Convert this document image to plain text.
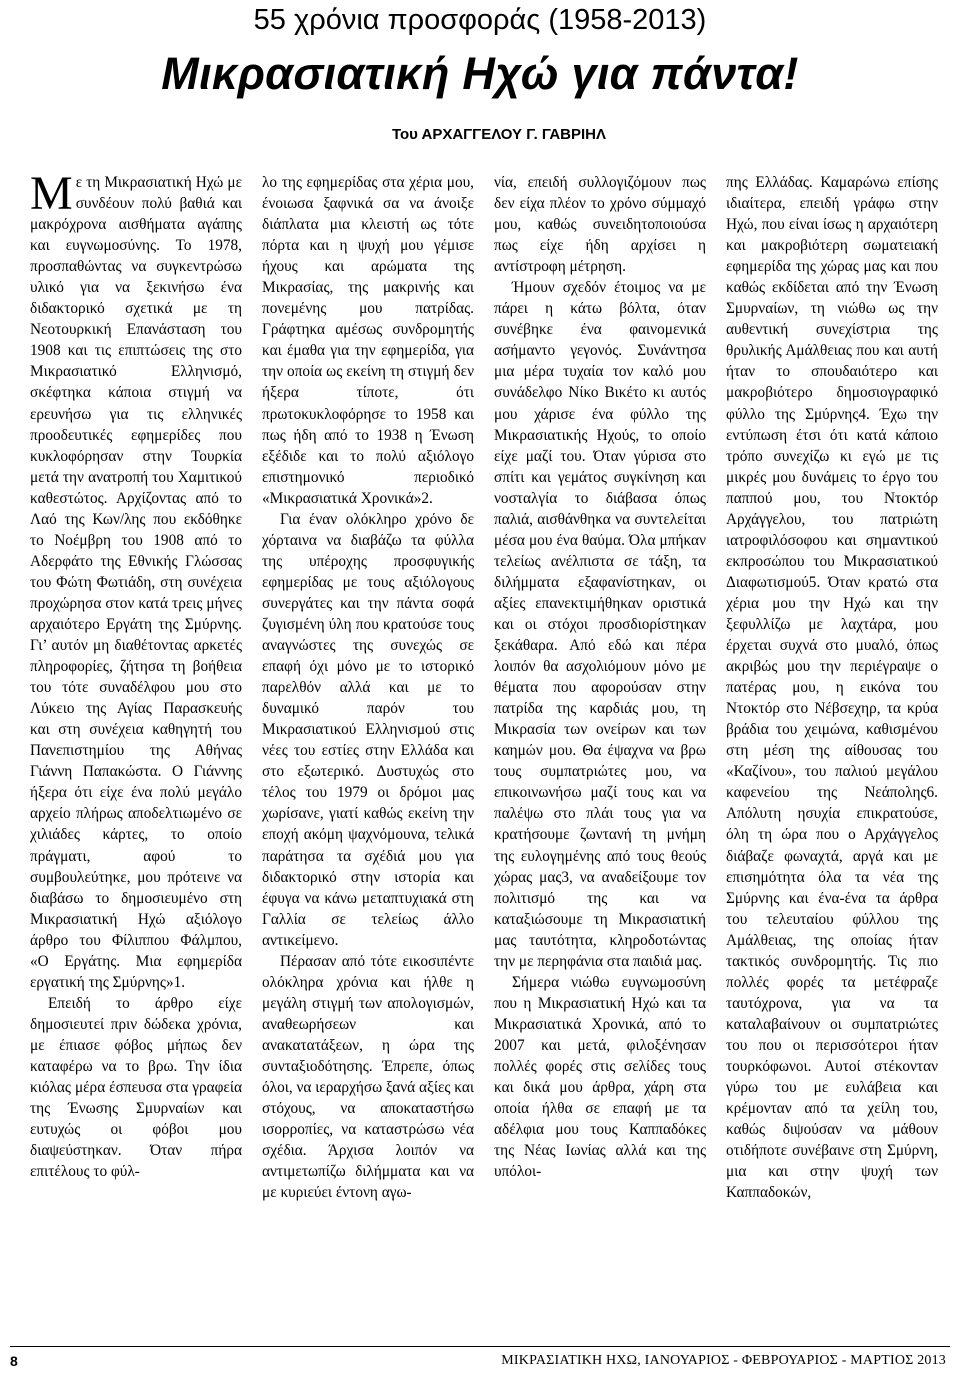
55 χρόνια προσφοράς (1958-2013)
Μικρασιατική Ηχώ για πάντα!
Του ΑΡΧΑΓΓΕΛΟΥ Γ. ΓΑΒΡΙΗΛ

Με τη Μικρασιατική Ηχώ με συνδέουν πολύ βαθιά και μακρόχρονα αισθήματα αγάπης και ευγνωμοσύνης. Το 1978, προσπαθώντας να συγκεντρώσω υλικό για να ξεκινήσω ένα διδακτορικό σχετικά με τη Νεοτουρκική Επανάσταση του 1908 και τις επιπτώσεις της στο Μικρασιατικό Ελληνισμό, σκέφτηκα κάποια στιγμή να ερευνήσω για τις ελληνικές προοδευτικές εφημερίδες που κυκλοφόρησαν στην Τουρκία μετά την ανατροπή του Χαμιτικού καθεστώτος. Αρχίζοντας από το Λαό της Κων/λης που εκδόθηκε το Νοέμβρη του 1908 από το Αδερφάτο της Εθνικής Γλώσσας του Φώτη Φωτιάδη, στη συνέχεια προχώρησα στον κατά τρεις μήνες αρχαιότερο Εργάτη της Σμύρνης. Γι’ αυτόν μη διαθέτοντας αρκετές πληροφορίες, ζήτησα τη βοήθεια του τότε συναδέλφου μου στο Λύκειο της Αγίας Παρασκευής και στη συνέχεια καθηγητή του Πανεπιστημίου της Αθήνας Γιάννη Παπακώστα. Ο Γιάννης ήξερα ότι είχε ένα πολύ μεγάλο αρχείο πλήρως αποδελτιωμένο σε χιλιάδες κάρτες, το οποίο πράγματι, αφού το συμβουλεύτηκε, μου πρότεινε να διαβάσω το δημοσιευμένο στη Μικρασιατική Ηχώ αξιόλογο άρθρο του Φίλιππου Φάλμπου, «Ο Εργάτης. Μια εφημερίδα εργατική της Σμύρνης»1.

Επειδή το άρθρο είχε δημοσιευτεί πριν δώδεκα χρόνια, με έπιασε φόβος μήπως δεν καταφέρω να το βρω. Την ίδια κιόλας μέρα έσπευσα στα γραφεία της Ένωσης Σμυρναίων και ευτυχώς οι φόβοι μου διαψεύστηκαν. Όταν πήρα επιτέλους το φύλ-

λο της εφημερίδας στα χέρια μου, ένοιωσα ξαφνικά σα να άνοιξε διάπλατα μια κλειστή ως τότε πόρτα και η ψυχή μου γέμισε ήχους και αρώματα της Μικρασίας, της μακρινής και πονεμένης μου πατρίδας. Γράφτηκα αμέσως συνδρομητής και έμαθα για την εφημερίδα, για την οποία ως εκείνη τη στιγμή δεν ήξερα τίποτε, ότι πρωτοκυκλοφόρησε το 1958 και πως ήδη από το 1938 η Ένωση εξέδιδε και το πολύ αξιόλογο επιστημονικό περιοδικό «Μικρασιατικά Χρονικά»2.

Για έναν ολόκληρο χρόνο δε χόρταινα να διαβάζω τα φύλλα της υπέροχης προσφυγικής εφημερίδας με τους αξιόλογους συνεργάτες και την πάντα σοφά ζυγισμένη ύλη που κρατούσε τους αναγνώστες της συνεχώς σε επαφή όχι μόνο με το ιστορικό παρελθόν αλλά και με το δυναμικό παρόν του Μικρασιατικού Ελληνισμού στις νέες του εστίες στην Ελλάδα και στο εξωτερικό. Δυστυχώς στο τέλος του 1979 οι δρόμοι μας χωρίσανε, γιατί καθώς εκείνη την εποχή ακόμη ψαχνόμουνα, τελικά παράτησα τα σχέδιά μου για διδακτορικό στην ιστορία και έφυγα να κάνω μεταπτυχιακά στη Γαλλία σε τελείως άλλο αντικείμενο.

Πέρασαν από τότε εικοσιπέντε ολόκληρα χρόνια και ήλθε η μεγάλη στιγμή των απολογισμών, αναθεωρήσεων και ανακατατάξεων, η ώρα της συνταξιοδότησης. Έπρεπε, όπως όλοι, να ιεραρχήσω ξανά αξίες και στόχους, να αποκαταστήσω ισορροπίες, να καταστρώσω νέα σχέδια. Άρχισα λοιπόν να αντιμετωπίζω διλήμματα και να με κυριεύει έντονη αγω-

νία, επειδή συλλογιζόμουν πως δεν είχα πλέον το χρόνο σύμμαχό μου, καθώς συνειδητοποιούσα πως είχε ήδη αρχίσει η αντίστροφη μέτρηση.

Ήμουν σχεδόν έτοιμος να με πάρει η κάτω βόλτα, όταν συνέβηκε ένα φαινομενικά ασήμαντο γεγονός. Συνάντησα μια μέρα τυχαία τον καλό μου συνάδελφο Νίκο Βικέτο κι αυτός μου χάρισε ένα φύλλο της Μικρασιατικής Ηχούς, το οποίο είχε μαζί του. Όταν γύρισα στο σπίτι και γεμάτος συγκίνηση και νοσταλγία το διάβασα όπως παλιά, αισθάνθηκα να συντελείται μέσα μου ένα θαύμα. Όλα μπήκαν τελείως ανέλπιστα σε τάξη, τα διλήμματα εξαφανίστηκαν, οι αξίες επανεκτιμήθηκαν οριστικά και οι στόχοι προσδιορίστηκαν ξεκάθαρα. Από εδώ και πέρα λοιπόν θα ασχολιόμουν μόνο με θέματα που αφορούσαν στην πατρίδα της καρδιάς μου, τη Μικρασία των ονείρων και των καημών μου. Θα έψαχνα να βρω τους συμπατριώτες μου, να επικοινωνήσω μαζί τους και να παλέψω στο πλάι τους για να κρατήσουμε ζωντανή τη μνήμη της ευλογημένης από τους θεούς χώρας μας3, να αναδείξουμε τον πολιτισμό της και να καταξιώσουμε τη Μικρασιατική μας ταυτότητα, κληροδοτώντας την με περηφάνια στα παιδιά μας.

Σήμερα νιώθω ευγνωμοσύνη που η Μικρασιατική Ηχώ και τα Μικρασιατικά Χρονικά, από το 2007 και μετά, φιλοξένησαν πολλές φορές στις σελίδες τους και δικά μου άρθρα, χάρη στα οποία ήλθα σε επαφή με τα αδέλφια μου τους Καππαδόκες της Νέας Ιωνίας αλλά και της υπόλοι-

πης Ελλάδας. Καμαρώνω επίσης ιδιαίτερα, επειδή γράφω στην Ηχώ, που είναι ίσως η αρχαιότερη και μακροβιότερη σωματειακή εφημερίδα της χώρας μας και που καθώς εκδίδεται από την Ένωση Σμυρναίων, τη νιώθω ως την αυθεντική συνεχίστρια της θρυλικής Αμάλθειας που και αυτή ήταν το σπουδαιότερο και μακροβιότερο δημοσιογραφικό φύλλο της Σμύρνης4. Έχω την εντύπωση έτσι ότι κατά κάποιο τρόπο συνεχίζω κι εγώ με τις μικρές μου δυνάμεις το έργο του παππού μου, του Ντοκτόρ Αρχάγγελου, του πατριώτη ιατροφιλόσοφου και σημαντικού εκπροσώπου του Μικρασιατικού Διαφωτισμού5. Όταν κρατώ στα χέρια μου την Ηχώ και την ξεφυλλίζω με λαχτάρα, μου έρχεται συχνά στο μυαλό, όπως ακριβώς μου την περιέγραψε ο πατέρας μου, η εικόνα του Ντοκτόρ στο Νέβσεχηρ, τα κρύα βράδια του χειμώνα, καθισμένου στη μέση της αίθουσας του «Καζίνου», του παλιού μεγάλου καφενείου της Νεάπολης6. Απόλυτη ησυχία επικρατούσε, όλη τη ώρα που ο Αρχάγγελος διάβαζε φωναχτά, αργά και με επισημότητα όλα τα νέα της Σμύρνης και ένα-ένα τα άρθρα του τελευταίου φύλλου της Αμάλθειας, της οποίας ήταν τακτικός συνδρομητής. Τις πιο πολλές φορές τα μετέφραζε ταυτόχρονα, για να τα καταλαβαίνουν οι συμπατριώτες του που οι περισσότεροι ήταν τουρκόφωνοι. Αυτοί στέκονταν γύρω του με ευλάβεια και κρέμονταν από τα χείλη του, καθώς διψούσαν να μάθουν οτιδήποτε συνέβαινε στη Σμύρνη, μια και στην ψυχή των Καππαδοκών,

8	ΜΙΚΡΑΣΙΑΤΙΚΗ ΗΧΩ, ΙΑΝΟΥΑΡΙΟΣ - ΦΕΒΡΟΥΑΡΙΟΣ - ΜΑΡΤΙΟΣ 2013
